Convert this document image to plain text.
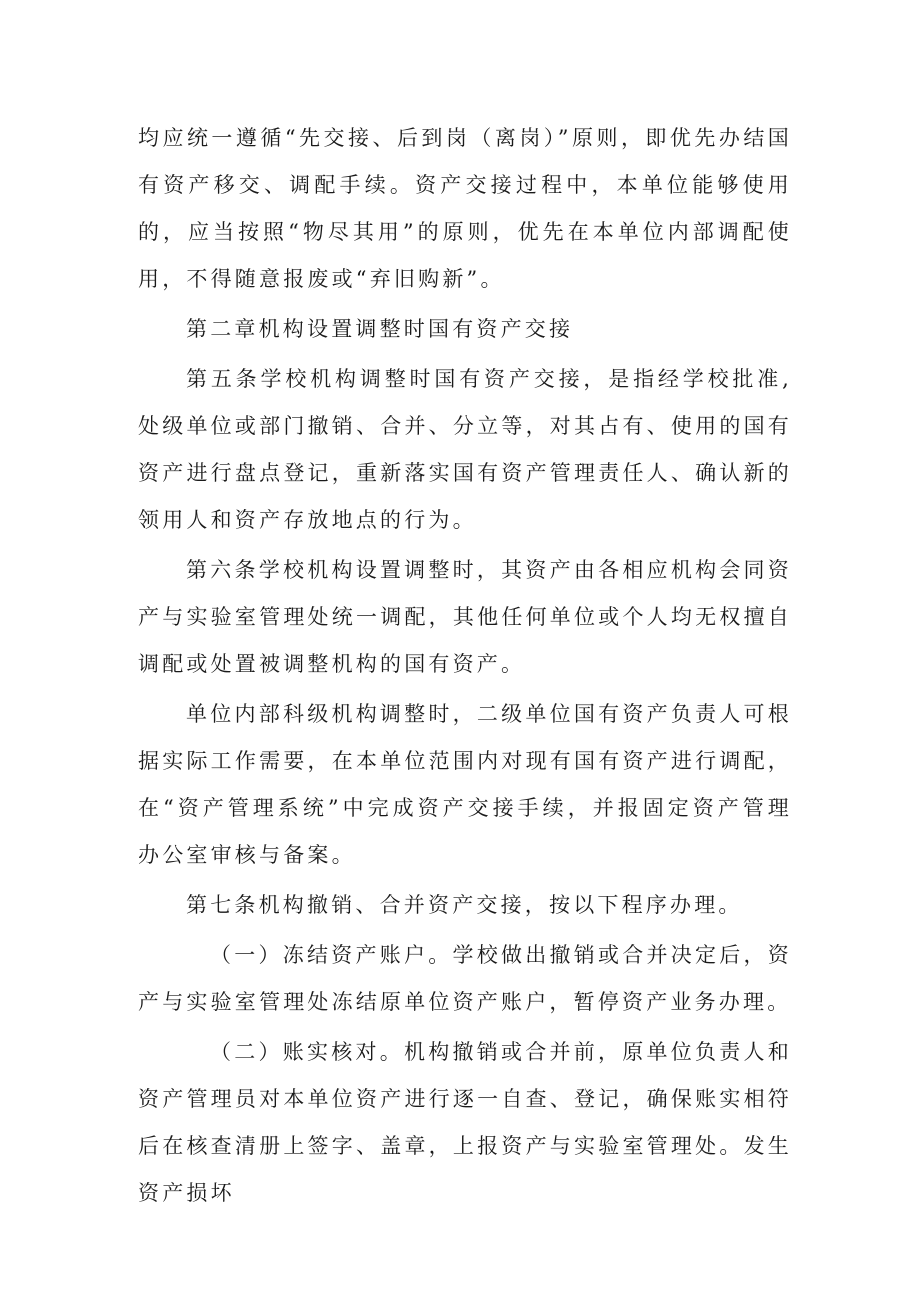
均应统一遵循“先交接、后到岗（离岗）”原则，即优先办结国有资产移交、调配手续。资产交接过程中，本单位能够使用的，应当按照“物尽其用”的原则，优先在本单位内部调配使用，不得随意报废或“弃旧购新”。

第二章机构设置调整时国有资产交接

第五条学校机构调整时国有资产交接，是指经学校批准,处级单位或部门撤销、合并、分立等，对其占有、使用的国有资产进行盘点登记，重新落实国有资产管理责任人、确认新的领用人和资产存放地点的行为。

第六条学校机构设置调整时，其资产由各相应机构会同资产与实验室管理处统一调配，其他任何单位或个人均无权擅自调配或处置被调整机构的国有资产。

单位内部科级机构调整时，二级单位国有资产负责人可根据实际工作需要，在本单位范围内对现有国有资产进行调配，在“资产管理系统”中完成资产交接手续，并报固定资产管理办公室审核与备案。

第七条机构撤销、合并资产交接，按以下程序办理。

（一）冻结资产账户。学校做出撤销或合并决定后，资产与实验室管理处冻结原单位资产账户，暂停资产业务办理。

（二）账实核对。机构撤销或合并前，原单位负责人和资产管理员对本单位资产进行逐一自查、登记，确保账实相符后在核查清册上签字、盖章，上报资产与实验室管理处。发生资产损坏
